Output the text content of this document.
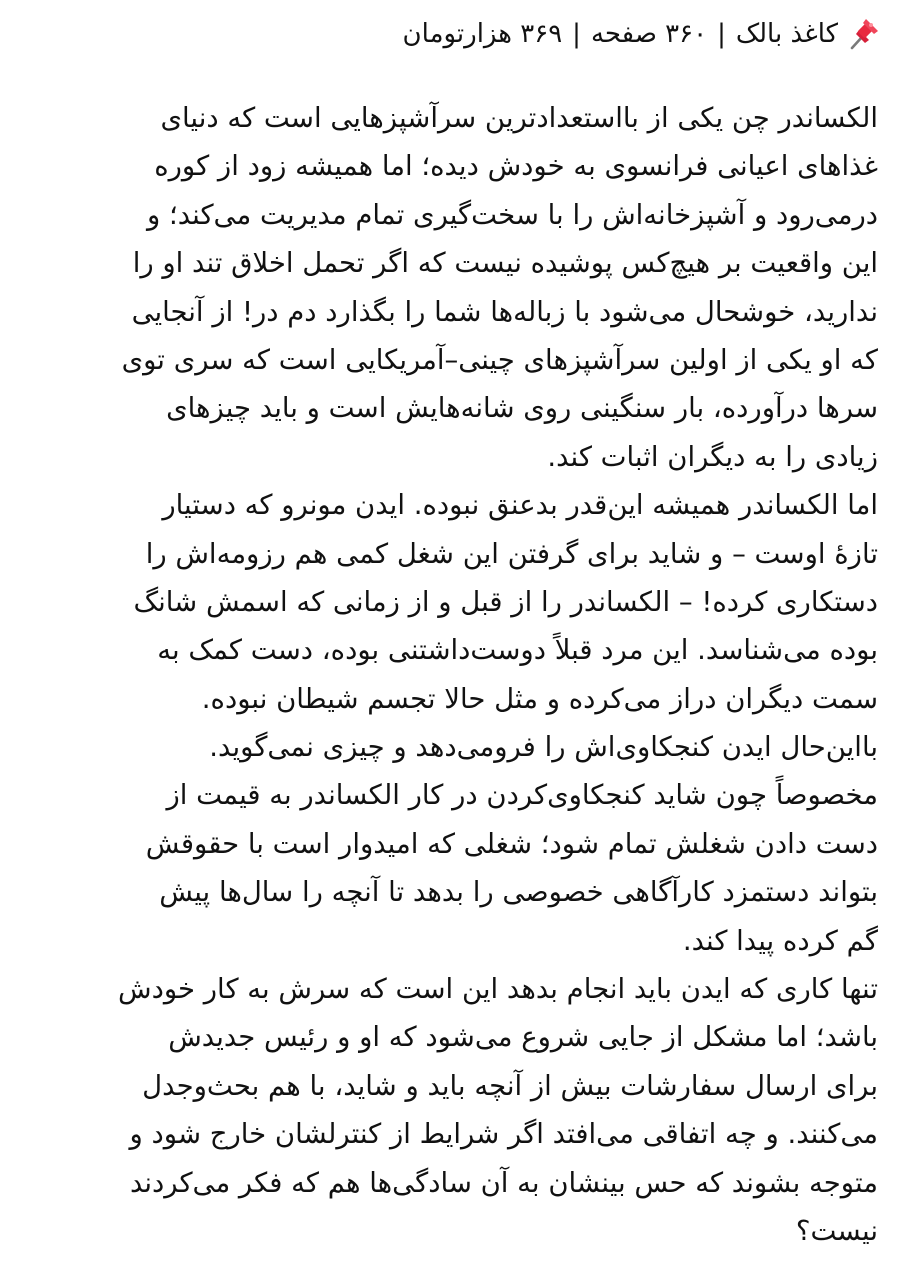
کاغذ بالک
|
۳۶۰ صفحه
|
۳۶۹ هزارتومان
الکساندر چن یکی از بااستعدادترین سرآشپزهایی است که دنیای
غذاهای اعیانی فرانسوی به خودش دیده؛ اما همیشه زود از کوره
درمی‌رود و آشپزخانه‌اش را با سخت‌گیری تمام مدیریت می‌کند؛ و
این واقعیت بر هیچ‌کس پوشیده نیست که اگر تحمل اخلاق تند او را
ندارید، خوشحال می‌شود با زباله‌ها شما را بگذارد دم در! از آنجایی
که او یکی از اولین سرآشپزهای چینی–آمریکایی است که سری توی
سرها درآورده، بار سنگینی روی شانه‌هایش است و باید چیزهای
زیادی را به دیگران اثبات کند.
اما الکساندر همیشه این‌قدر بدعنق نبوده. ایدن مونرو که دستیار
تازهٔ اوست – و شاید برای گرفتن این شغل کمی هم رزومه‌اش را
دستکاری کرده! – الکساندر را از قبل و از زمانی که اسمش شانگ
بوده می‌شناسد. این مرد قبلاً دوست‌داشتنی بوده، دست کمک به
سمت دیگران دراز می‌کرده و مثل حالا تجسم شیطان نبوده.
بااین‌حال ایدن کنجکاوی‌اش را فرومی‌دهد و چیزی نمی‌گوید.
مخصوصاً چون شاید کنجکاوی‌کردن در کار الکساندر به قیمت از
دست دادن شغلش تمام شود؛ شغلی که امیدوار است با حقوقش
بتواند دستمزد کارآگاهی خصوصی را بدهد تا آنچه را سال‌ها پیش
گم کرده پیدا کند.
تنها کاری که ایدن باید انجام بدهد این است که سرش به کار خودش
باشد؛ اما مشکل از جایی شروع می‌شود که او و رئیس جدیدش
برای ارسال سفارشات بیش از آنچه باید و شاید، با هم بحث‌وجدل
می‌کنند. و چه اتفاقی می‌افتد اگر شرایط از کنترلشان خارج شود و
متوجه بشوند که حس بینشان به آن سادگی‌ها هم که فکر می‌کردند
نیست؟
